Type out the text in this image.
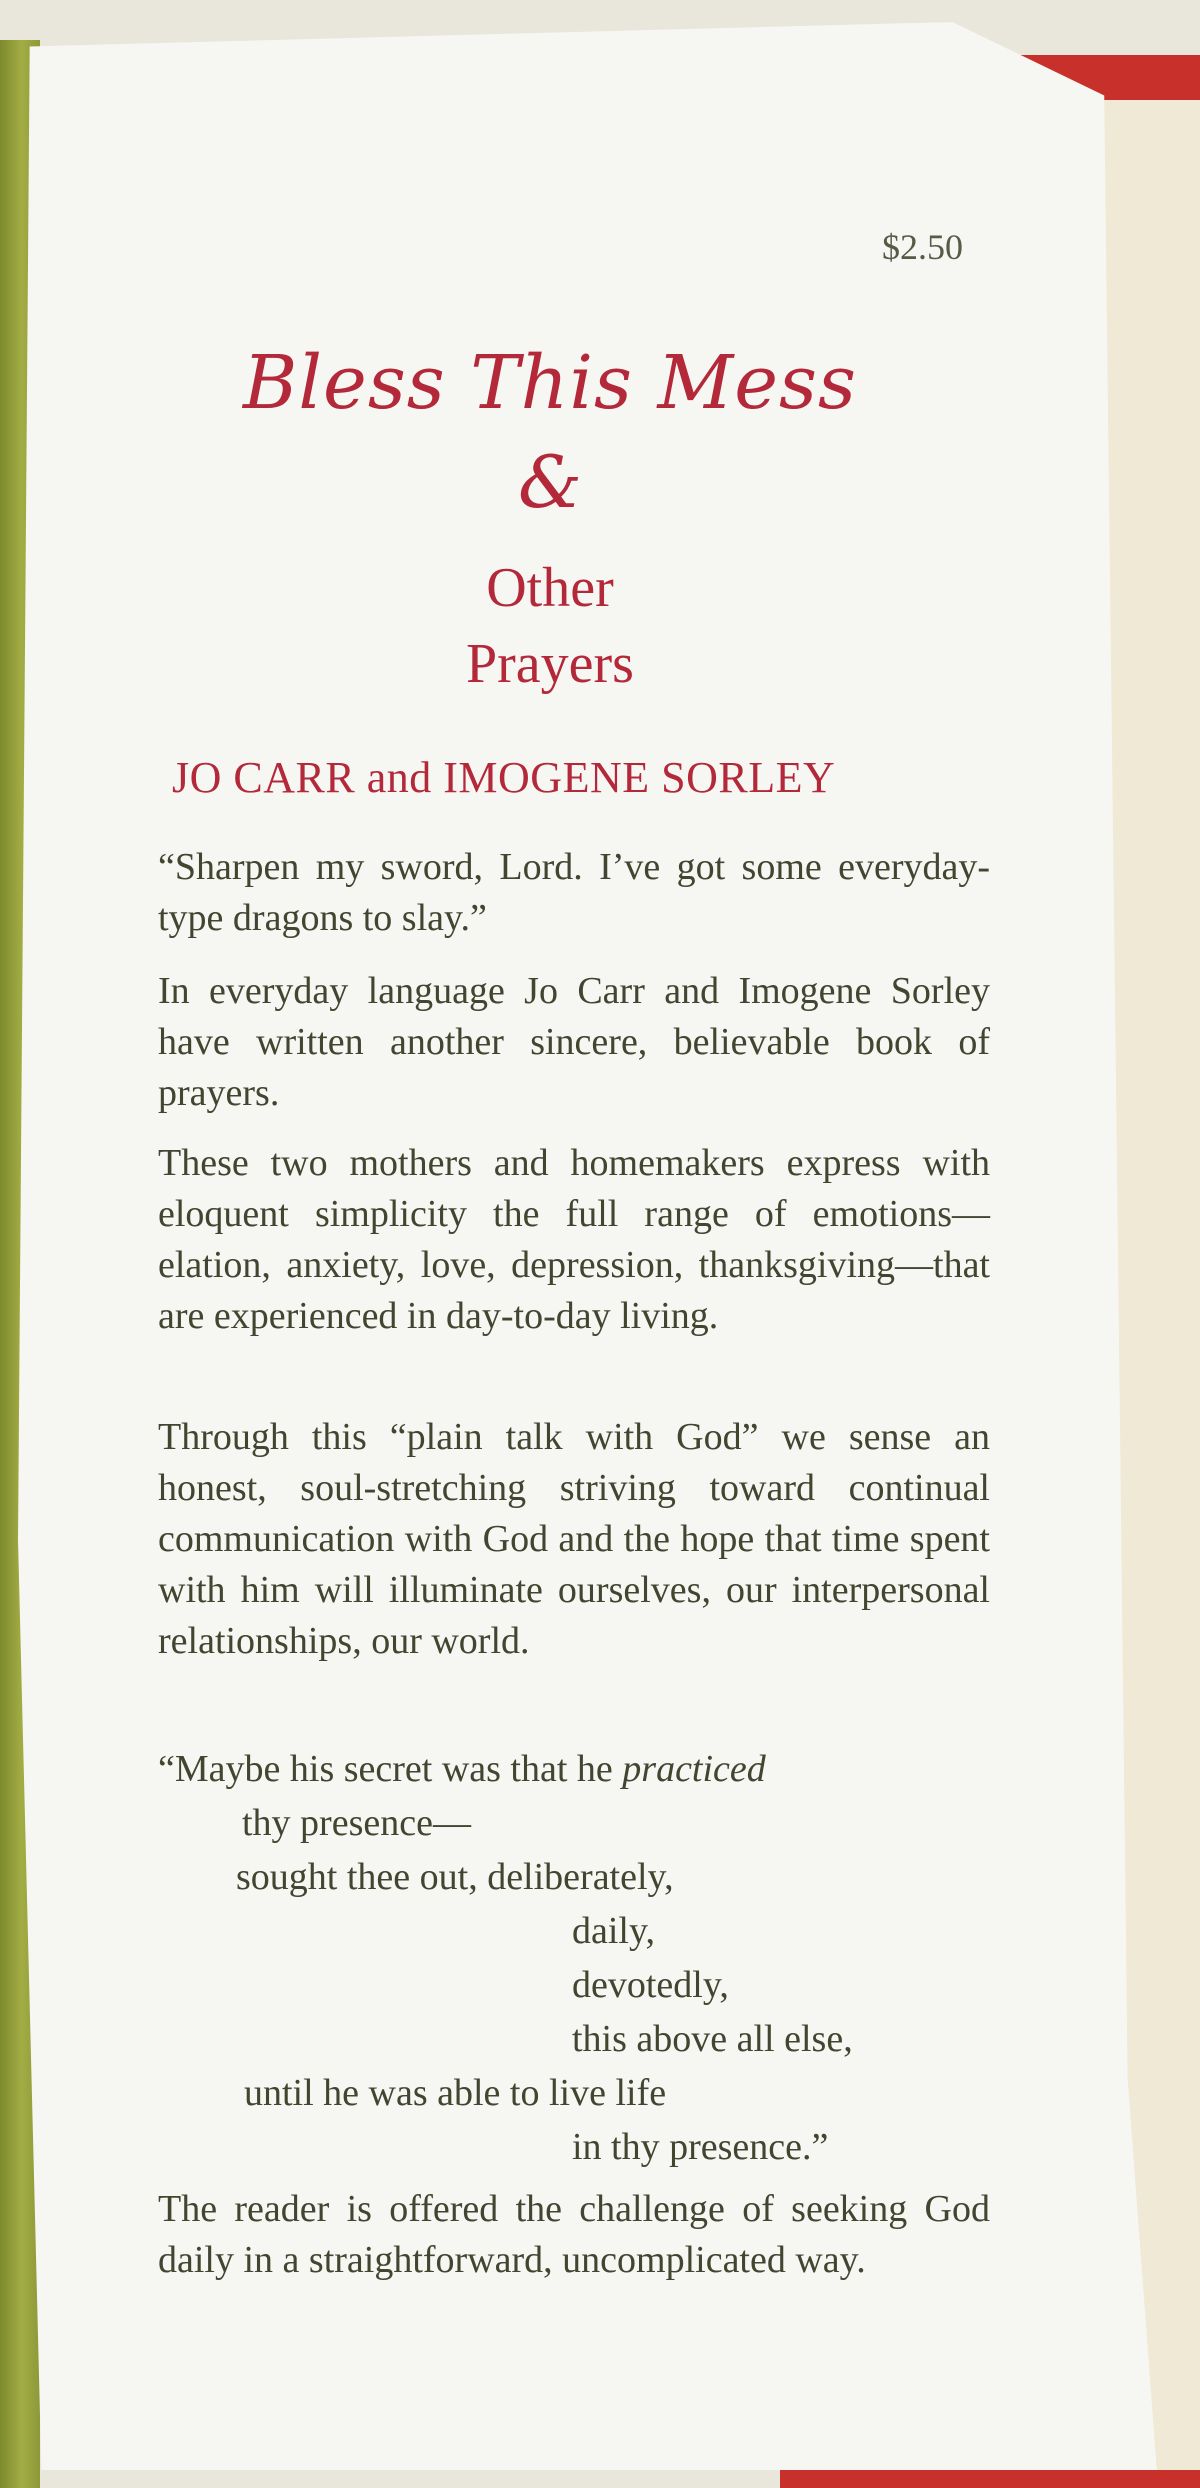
$2.50
Bless This Mess
&
Other
Prayers
JO CARR and IMOGENE SORLEY
“Sharpen my sword, Lord. I’ve got some everyday-type dragons to slay.”
In everyday language Jo Carr and Imogene Sorley have written another sincere, believable book of prayers.
These two mothers and homemakers express with eloquent simplicity the full range of emotions—elation, anxiety, love, depression, thanksgiving—that are experienced in day-to-day living.
Through this “plain talk with God” we sense an honest, soul-stretching striving toward continual communication with God and the hope that time spent with him will illuminate ourselves, our interpersonal relationships, our world.
“Maybe his secret was that he practiced
thy presence—
sought thee out, deliberately,
daily,
devotedly,
this above all else,
until he was able to live life
in thy presence.”
The reader is offered the challenge of seeking God daily in a straightforward, uncomplicated way.
